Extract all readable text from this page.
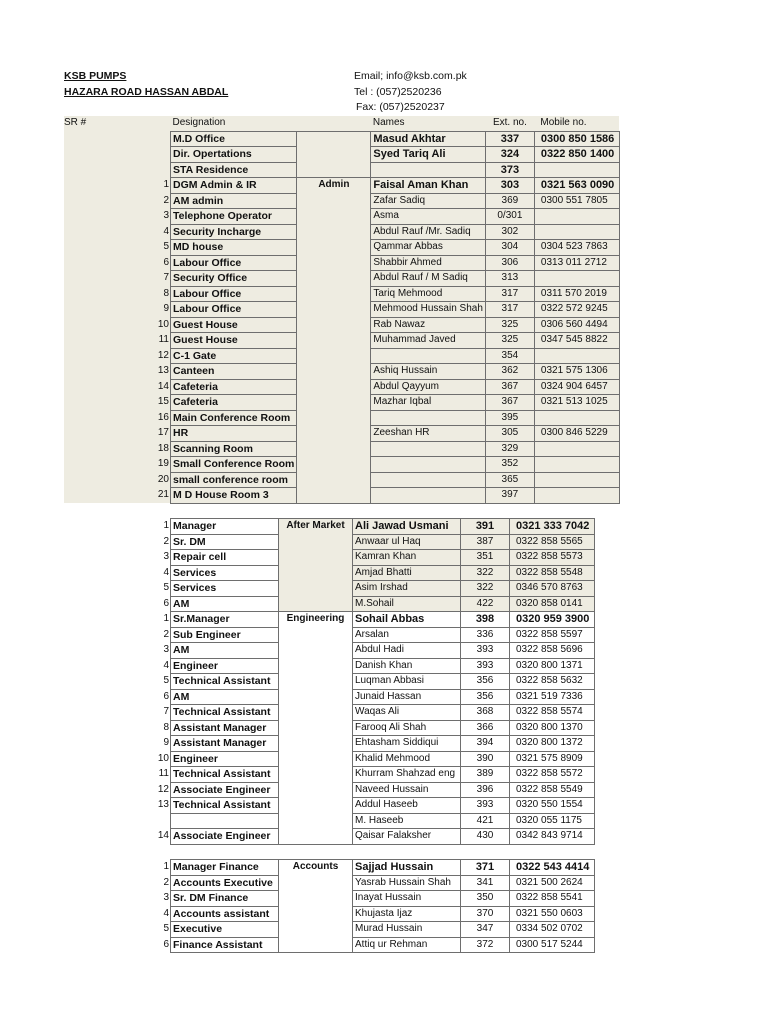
KSB PUMPS
HAZARA ROAD HASSAN ABDAL
Email; info@ksb.com.pk
Tel : (057)2520236
Fax: (057)2520237
SR #	Designation		Names	Ext. no.	Mobile no.
	M.D Office		Masud Akhtar	337	0300 850 1586
	Dir. Opertations		Syed Tariq Ali	324	0322 850 1400
	STA Residence			373	
1	DGM Admin & IR	Admin	Faisal Aman Khan	303	0321 563 0090
2	AM admin		Zafar Sadiq	369	0300 551 7805
3	Telephone Operator		Asma	0/301	
4	Security Incharge		Abdul Rauf /Mr. Sadiq	302	
5	MD house		Qammar Abbas	304	0304 523 7863
6	Labour Office		Shabbir Ahmed	306	0313 011 2712
7	Security Office		Abdul Rauf / M Sadiq	313	
8	Labour Office		Tariq Mehmood	317	0311 570 2019
9	Labour Office		Mehmood Hussain Shah	317	0322 572 9245
10	Guest House		Rab Nawaz	325	0306 560 4494
11	Guest House		Muhammad Javed	325	0347 545 8822
12	C-1 Gate			354	
13	Canteen		Ashiq Hussain	362	0321 575 1306
14	Cafeteria		Abdul Qayyum	367	0324 904 6457
15	Cafeteria		Mazhar Iqbal	367	0321 513 1025
16	Main Conference Room			395	
17	HR		Zeeshan HR	305	0300 846 5229
18	Scanning Room			329	
19	Small Conference Room			352	
20	small conference room			365	
21	M D House Room 3			397	
1	Manager	After Market	Ali Jawad Usmani	391	0321 333 7042
2	Sr. DM		Anwaar ul Haq	387	0322 858 5565
3	Repair cell		Kamran Khan	351	0322 858 5573
4	Services		Amjad Bhatti	322	0322 858 5548
5	Services		Asim Irshad	322	0346 570 8763
6	AM		M.Sohail	422	0320 858 0141
1	Sr.Manager	Engineering	Sohail Abbas	398	0320 959 3900
2	Sub Engineer		Arsalan	336	0322 858 5597
3	AM		Abdul Hadi	393	0322 858 5696
4	Engineer		Danish Khan	393	0320 800 1371
5	Technical Assistant		Luqman Abbasi	356	0322 858 5632
6	AM		Junaid Hassan	356	0321 519 7336
7	Technical Assistant		Waqas Ali	368	0322 858 5574
8	Assistant Manager		Farooq Ali Shah	366	0320 800 1370
9	Assistant Manager		Ehtasham Siddiqui	394	0320 800 1372
10	Engineer		Khalid Mehmood	390	0321 575 8909
11	Technical Assistant		Khurram Shahzad eng	389	0322 858 5572
12	Associate Engineer		Naveed Hussain	396	0322 858 5549
13	Technical Assistant		Addul Haseeb	393	0320 550 1554
			M. Haseeb	421	0320 055 1175
14	Associate Engineer		Qaisar Falaksher	430	0342 843 9714
1	Manager Finance	Accounts	Sajjad Hussain	371	0322 543 4414
2	Accounts Executive		Yasrab Hussain Shah	341	0321 500 2624
3	Sr. DM Finance		Inayat Hussain	350	0322 858 5541
4	Accounts assistant		Khujasta Ijaz	370	0321 550 0603
5	Executive		Murad Hussain	347	0334 502 0702
6	Finance Assistant		Attiq ur Rehman	372	0300 517 5244
